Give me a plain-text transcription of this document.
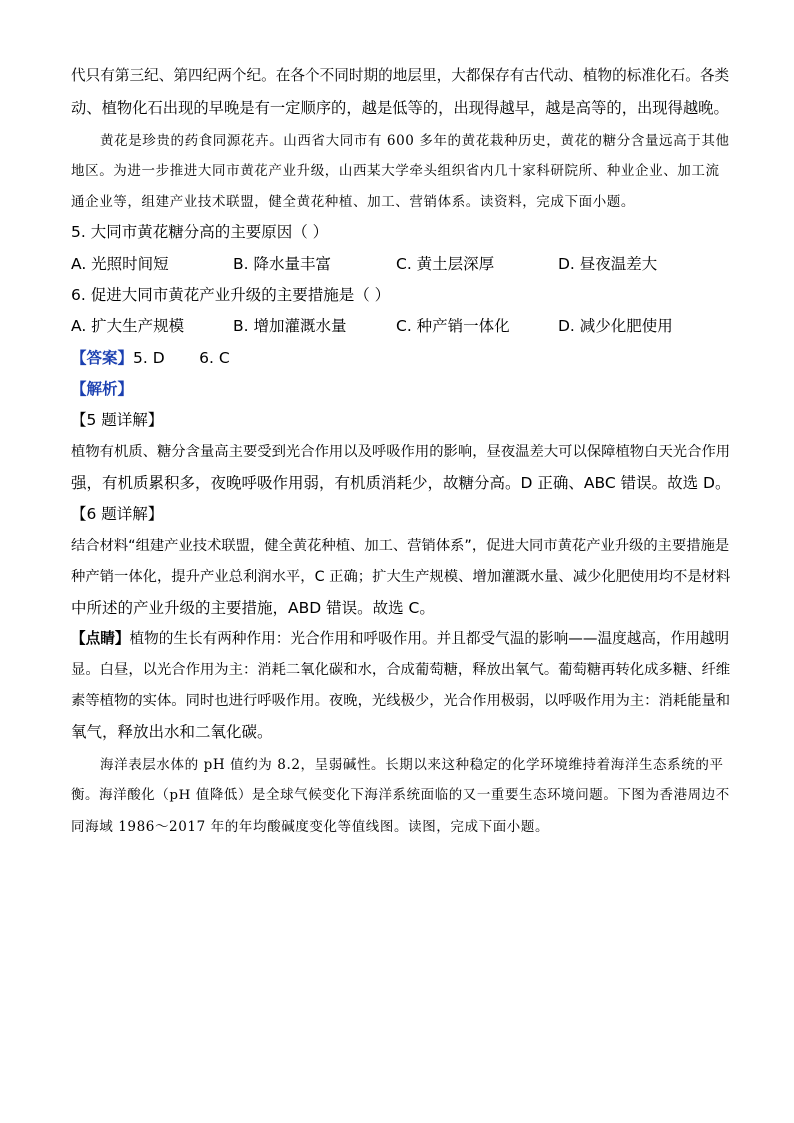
代只有第三纪、第四纪两个纪。在各个不同时期的地层里，大都保存有古代动、植物的标准化石。各类
动、植物化石出现的早晚是有一定顺序的，越是低等的，出现得越早，越是高等的，出现得越晚。
黄花是珍贵的药食同源花卉。山西省大同市有 600 多年的黄花栽种历史，黄花的糖分含量远高于其他
地区。为进一步推进大同市黄花产业升级，山西某大学牵头组织省内几十家科研院所、种业企业、加工流
通企业等，组建产业技术联盟，健全黄花种植、加工、营销体系。读资料，完成下面小题。
5. 大同市黄花糖分高的主要原因（ ）
A. 光照时间短	B. 降水量丰富	C. 黄土层深厚	D. 昼夜温差大
6. 促进大同市黄花产业升级的主要措施是（ ）
A. 扩大生产规模	B. 增加灌溉水量	C. 种产销一体化	D. 减少化肥使用
【答案】5. D       6. C
【解析】
【5 题详解】
植物有机质、糖分含量高主要受到光合作用以及呼吸作用的影响，昼夜温差大可以保障植物白天光合作用
强，有机质累积多，夜晚呼吸作用弱，有机质消耗少，故糖分高。D 正确、ABC 错误。故选 D。
【6 题详解】
结合材料“组建产业技术联盟，健全黄花种植、加工、营销体系”，促进大同市黄花产业升级的主要措施是
种产销一体化，提升产业总利润水平，C 正确；扩大生产规模、增加灌溉水量、减少化肥使用均不是材料
中所述的产业升级的主要措施，ABD 错误。故选 C。
【点睛】植物的生长有两种作用：光合作用和呼吸作用。并且都受气温的影响——温度越高，作用越明
显。白昼，以光合作用为主：消耗二氧化碳和水，合成葡萄糖，释放出氧气。葡萄糖再转化成多糖、纤维
素等植物的实体。同时也进行呼吸作用。夜晚，光线极少，光合作用极弱，以呼吸作用为主：消耗能量和
氧气，释放出水和二氧化碳。
海洋表层水体的 pH 值约为 8.2，呈弱碱性。长期以来这种稳定的化学环境维持着海洋生态系统的平
衡。海洋酸化（pH 值降低）是全球气候变化下海洋系统面临的又一重要生态环境问题。下图为香港周边不
同海域 1986～2017 年的年均酸碱度变化等值线图。读图，完成下面小题。
